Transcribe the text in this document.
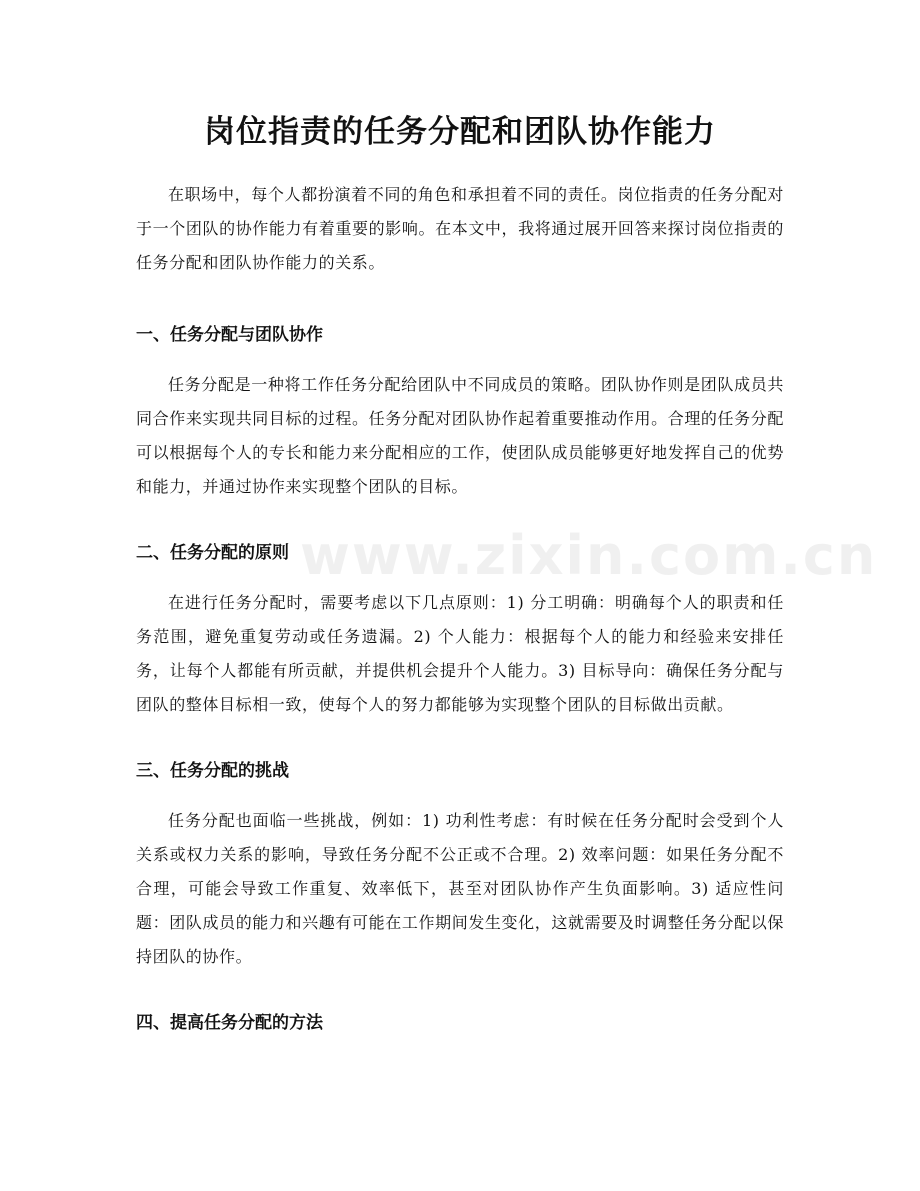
岗位指责的任务分配和团队协作能力
www.zixin.com.cn

在职场中，每个人都扮演着不同的角色和承担着不同的责任。岗位指责的任务分配对于一个团队的协作能力有着重要的影响。在本文中，我将通过展开回答来探讨岗位指责的任务分配和团队协作能力的关系。

一、任务分配与团队协作

任务分配是一种将工作任务分配给团队中不同成员的策略。团队协作则是团队成员共同合作来实现共同目标的过程。任务分配对团队协作起着重要推动作用。合理的任务分配可以根据每个人的专长和能力来分配相应的工作，使团队成员能够更好地发挥自己的优势和能力，并通过协作来实现整个团队的目标。

二、任务分配的原则

在进行任务分配时，需要考虑以下几点原则：1) 分工明确：明确每个人的职责和任务范围，避免重复劳动或任务遗漏。2) 个人能力：根据每个人的能力和经验来安排任务，让每个人都能有所贡献，并提供机会提升个人能力。3) 目标导向：确保任务分配与团队的整体目标相一致，使每个人的努力都能够为实现整个团队的目标做出贡献。

三、任务分配的挑战

任务分配也面临一些挑战，例如：1) 功利性考虑：有时候在任务分配时会受到个人关系或权力关系的影响，导致任务分配不公正或不合理。2) 效率问题：如果任务分配不合理，可能会导致工作重复、效率低下，甚至对团队协作产生负面影响。3) 适应性问题：团队成员的能力和兴趣有可能在工作期间发生变化，这就需要及时调整任务分配以保持团队的协作。

四、提高任务分配的方法
